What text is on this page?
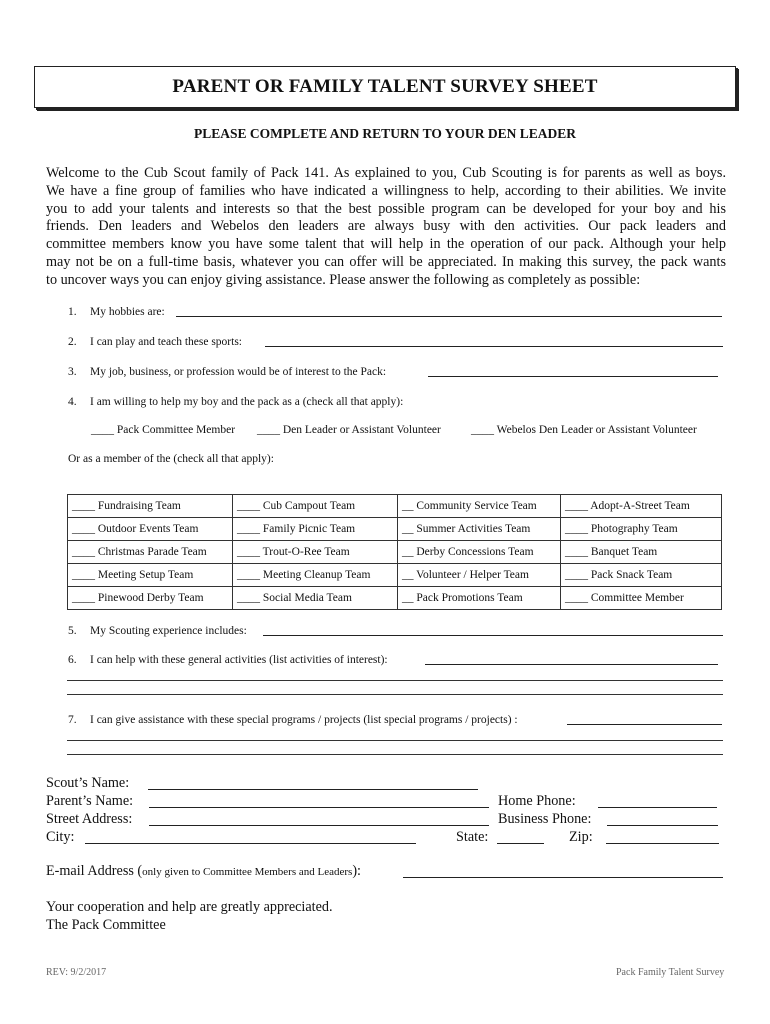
PARENT OR FAMILY TALENT SURVEY SHEET
PLEASE COMPLETE AND RETURN TO YOUR DEN LEADER
Welcome to the Cub Scout family of Pack 141. As explained to you, Cub Scouting is for parents as well as boys.
We have a fine group of families who have indicated a willingness to help, according to their abilities. We invite
you to add your talents and interests so that the best possible program can be developed for your boy and his
friends. Den leaders and Webelos den leaders are always busy with den activities. Our pack leaders and
committee members know you have some talent that will help in the operation of our pack. Although your help
may not be on a full-time basis, whatever you can offer will be appreciated. In making this survey, the pack wants
to uncover ways you can enjoy giving assistance. Please answer the following as completely as possible:
1. My hobbies are:
2. I can play and teach these sports:
3. My job, business, or profession would be of interest to the Pack:
4. I am willing to help my boy and the pack as a (check all that apply):
____ Pack Committee Member ____ Den Leader or Assistant Volunteer	____ Webelos Den Leader or Assistant Volunteer
Or as a member of the (check all that apply):
____ Fundraising Team	____ Cub Campout Team	__ Community Service Team	____ Adopt-A-Street Team
____ Outdoor Events Team	____ Family Picnic Team	__ Summer Activities Team	____ Photography Team
____ Christmas Parade Team	____ Trout-O-Ree Team	__ Derby Concessions Team	____ Banquet Team
____ Meeting Setup Team	____ Meeting Cleanup Team	__ Volunteer / Helper Team	____ Pack Snack Team
____ Pinewood Derby Team	____ Social Media Team	__ Pack Promotions Team	____ Committee Member
5. My Scouting experience includes:
6. I can help with these general activities (list activities of interest):
7. I can give assistance with these special programs / projects (list special programs / projects) :
Scout’s Name:
Parent’s Name:	Home Phone:
Street Address:	Business Phone:
City:	State:	Zip:
E-mail Address (only given to Committee Members and Leaders):
Your cooperation and help are greatly appreciated.
The Pack Committee
REV: 9/2/2017	Pack Family Talent Survey
